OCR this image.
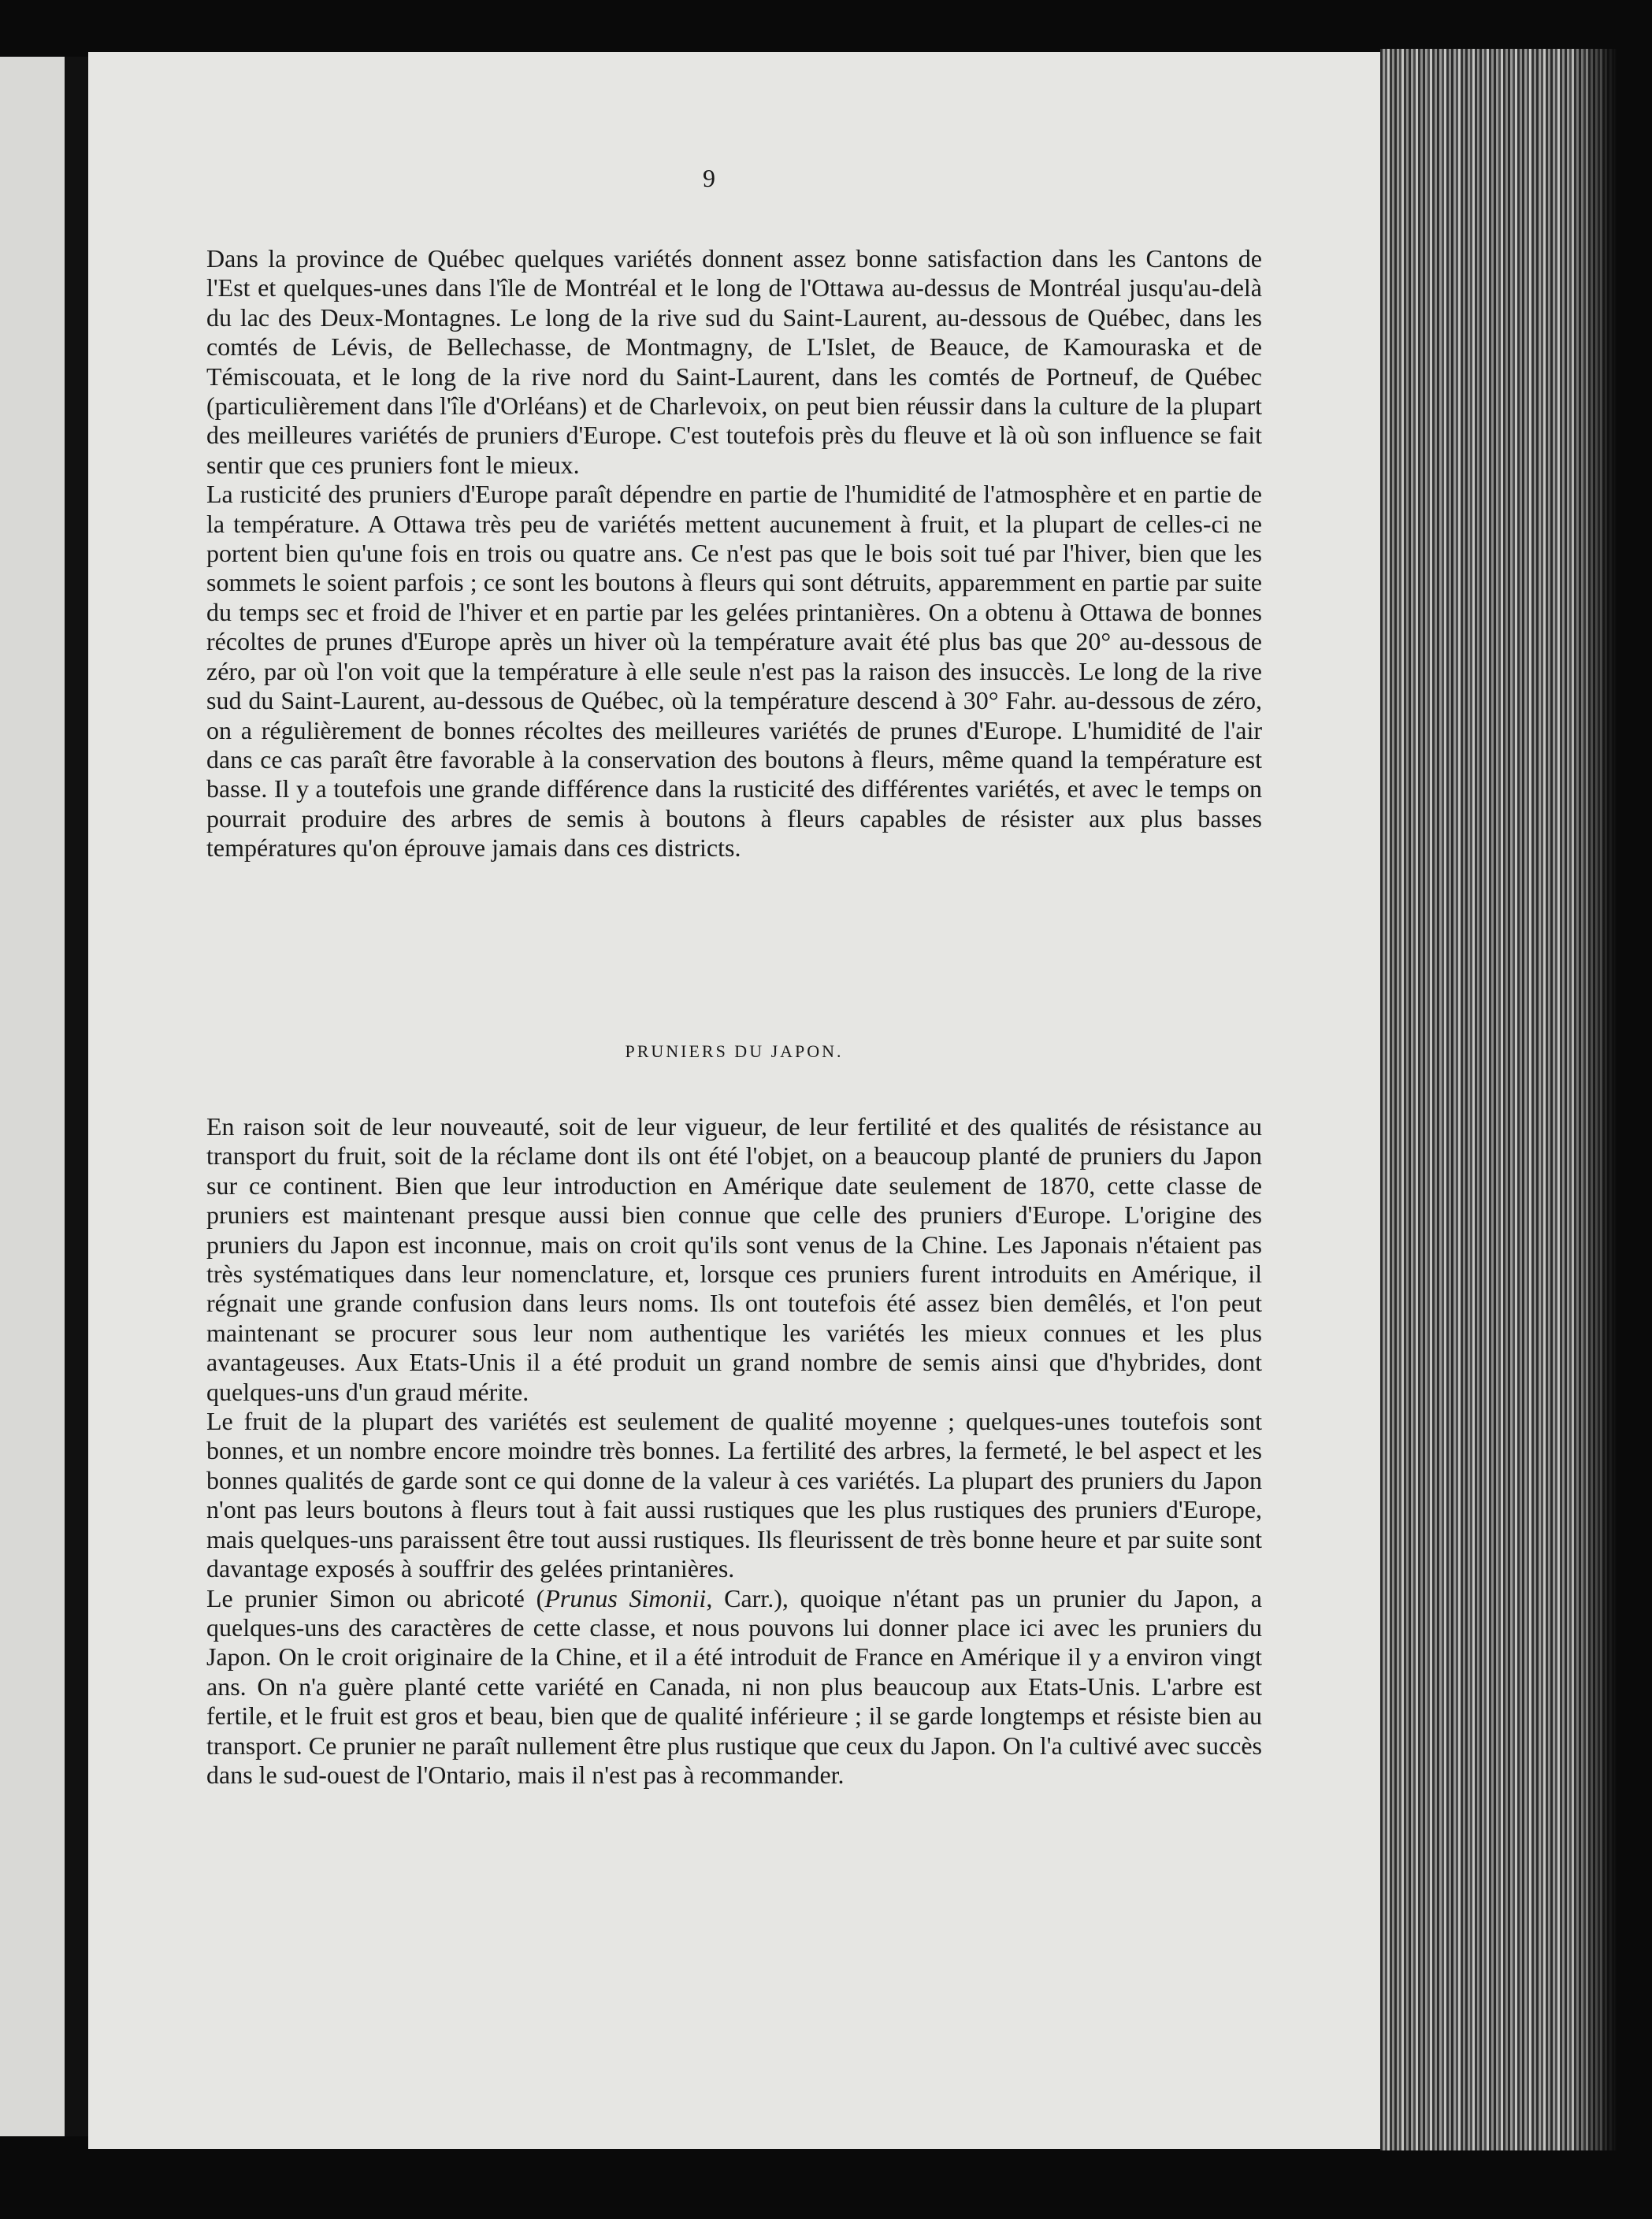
9

Dans la province de Québec quelques variétés donnent assez bonne satisfaction dans les Cantons de l'Est et quelques-unes dans l'île de Montréal et le long de l'Ottawa au-dessus de Montréal jusqu'au-delà du lac des Deux-Montagnes. Le long de la rive sud du Saint-Laurent, au-dessous de Québec, dans les comtés de Lévis, de Bellechasse, de Montmagny, de L'Islet, de Beauce, de Kamouraska et de Témiscouata, et le long de la rive nord du Saint-Laurent, dans les comtés de Portneuf, de Québec (particulièrement dans l'île d'Orléans) et de Charlevoix, on peut bien réussir dans la culture de la plupart des meilleures variétés de pruniers d'Europe. C'est toutefois près du fleuve et là où son influence se fait sentir que ces pruniers font le mieux.

La rusticité des pruniers d'Europe paraît dépendre en partie de l'humidité de l'atmosphère et en partie de la température. A Ottawa très peu de variétés mettent aucunement à fruit, et la plupart de celles-ci ne portent bien qu'une fois en trois ou quatre ans. Ce n'est pas que le bois soit tué par l'hiver, bien que les sommets le soient parfois ; ce sont les boutons à fleurs qui sont détruits, apparemment en partie par suite du temps sec et froid de l'hiver et en partie par les gelées printanières. On a obtenu à Ottawa de bonnes récoltes de prunes d'Europe après un hiver où la température avait été plus bas que 20° au-dessous de zéro, par où l'on voit que la température à elle seule n'est pas la raison des insuccès. Le long de la rive sud du Saint-Laurent, au-dessous de Québec, où la température descend à 30° Fahr. au-dessous de zéro, on a régulièrement de bonnes récoltes des meilleures variétés de prunes d'Europe. L'humidité de l'air dans ce cas paraît être favorable à la conservation des boutons à fleurs, même quand la température est basse. Il y a toutefois une grande différence dans la rusticité des différentes variétés, et avec le temps on pourrait produire des arbres de semis à boutons à fleurs capables de résister aux plus basses températures qu'on éprouve jamais dans ces districts.

PRUNIERS DU JAPON.

En raison soit de leur nouveauté, soit de leur vigueur, de leur fertilité et des qualités de résistance au transport du fruit, soit de la réclame dont ils ont été l'objet, on a beaucoup planté de pruniers du Japon sur ce continent. Bien que leur introduction en Amérique date seulement de 1870, cette classe de pruniers est maintenant presque aussi bien connue que celle des pruniers d'Europe. L'origine des pruniers du Japon est inconnue, mais on croit qu'ils sont venus de la Chine. Les Japonais n'étaient pas très systématiques dans leur nomenclature, et, lorsque ces pruniers furent introduits en Amérique, il régnait une grande confusion dans leurs noms. Ils ont toutefois été assez bien demêlés, et l'on peut maintenant se procurer sous leur nom authentique les variétés les mieux connues et les plus avantageuses. Aux Etats-Unis il a été produit un grand nombre de semis ainsi que d'hybrides, dont quelques-uns d'un graud mérite.

Le fruit de la plupart des variétés est seulement de qualité moyenne ; quelques-unes toutefois sont bonnes, et un nombre encore moindre très bonnes. La fertilité des arbres, la fermeté, le bel aspect et les bonnes qualités de garde sont ce qui donne de la valeur à ces variétés. La plupart des pruniers du Japon n'ont pas leurs boutons à fleurs tout à fait aussi rustiques que les plus rustiques des pruniers d'Europe, mais quelques-uns paraissent être tout aussi rustiques. Ils fleurissent de très bonne heure et par suite sont davantage exposés à souffrir des gelées printanières.

Le prunier Simon ou abricoté (Prunus Simonii, Carr.), quoique n'étant pas un prunier du Japon, a quelques-uns des caractères de cette classe, et nous pouvons lui donner place ici avec les pruniers du Japon. On le croit originaire de la Chine, et il a été introduit de France en Amérique il y a environ vingt ans. On n'a guère planté cette variété en Canada, ni non plus beaucoup aux Etats-Unis. L'arbre est fertile, et le fruit est gros et beau, bien que de qualité inférieure ; il se garde longtemps et résiste bien au transport. Ce prunier ne paraît nullement être plus rustique que ceux du Japon. On l'a cultivé avec succès dans le sud-ouest de l'Ontario, mais il n'est pas à recommander.
